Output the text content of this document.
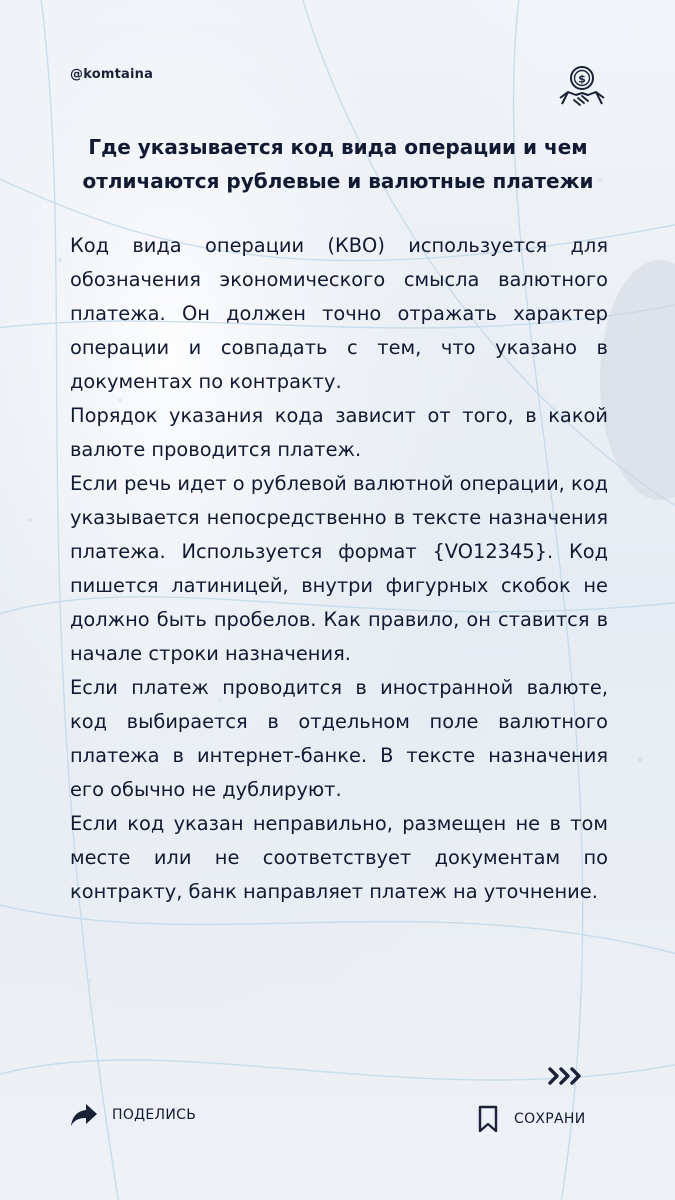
@komtaina	$
Где указывается код вида операции и чем отличаются рублевые и валютные платежи

Код вида операции (КВО) используется для обозначения экономического смысла валютного платежа. Он должен точно отражать характер операции и совпадать с тем, что указано в документах по контракту.

Порядок указания кода зависит от того, в какой валюте проводится платеж.

Если речь идет о рублевой валютной операции, код указывается непосредственно в тексте назначения платежа. Используется формат {VO12345}. Код пишется латиницей, внутри фигурных скобок не должно быть пробелов. Как правило, он ставится в начале строки назначения.

Если платеж проводится в иностранной валюте, код выбирается в отдельном поле валютного платежа в интернет-банке. В тексте назначения его обычно не дублируют.

Если код указан неправильно, размещен не в том месте или не соответствует документам по контракту, банк направляет платеж на уточнение.

ПОДЕЛИСЬ	СОХРАНИ
